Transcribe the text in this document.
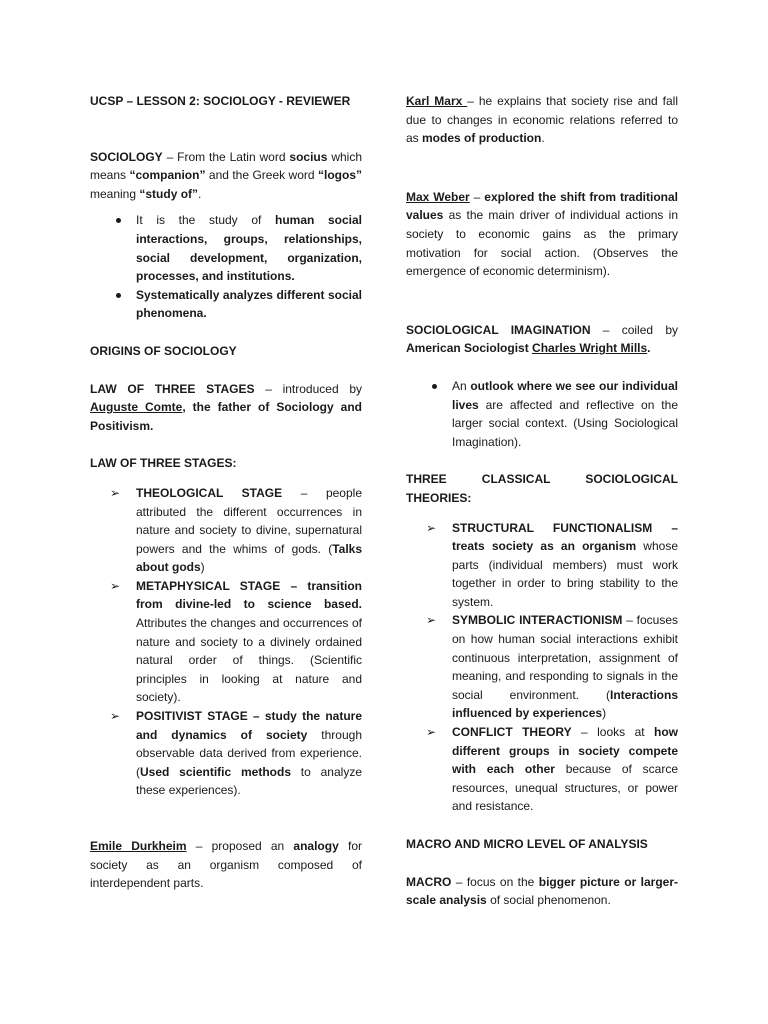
UCSP – LESSON 2: SOCIOLOGY - REVIEWER

SOCIOLOGY – From the Latin word socius which means “companion” and the Greek word “logos” meaning “study of”.

It is the study of human social interactions, groups, relationships, social development, organization, processes, and institutions.
Systematically analyzes different social phenomena.

ORIGINS OF SOCIOLOGY

LAW OF THREE STAGES – introduced by Auguste Comte, the father of Sociology and Positivism.

LAW OF THREE STAGES:

THEOLOGICAL STAGE – people attributed the different occurrences in nature and society to divine, supernatural powers and the whims of gods. (Talks about gods)
METAPHYSICAL STAGE – transition from divine-led to science based. Attributes the changes and occurrences of nature and society to a divinely ordained natural order of things. (Scientific principles in looking at nature and society).
POSITIVIST STAGE – study the nature and dynamics of society through observable data derived from experience. (Used scientific methods to analyze these experiences).

Emile Durkheim – proposed an analogy for society as an organism composed of interdependent parts.

Karl Marx – he explains that society rise and fall due to changes in economic relations referred to as modes of production.

Max Weber – explored the shift from traditional values as the main driver of individual actions in society to economic gains as the primary motivation for social action. (Observes the emergence of economic determinism).

SOCIOLOGICAL IMAGINATION – coiled by American Sociologist Charles Wright Mills.

An outlook where we see our individual lives are affected and reflective on the larger social context. (Using Sociological Imagination).

THREE CLASSICAL SOCIOLOGICAL THEORIES:

STRUCTURAL FUNCTIONALISM – treats society as an organism whose parts (individual members) must work together in order to bring stability to the system.
SYMBOLIC INTERACTIONISM – focuses on how human social interactions exhibit continuous interpretation, assignment of meaning, and responding to signals in the social environment. (Interactions influenced by experiences)
CONFLICT THEORY – looks at how different groups in society compete with each other because of scarce resources, unequal structures, or power and resistance.

MACRO AND MICRO LEVEL OF ANALYSIS

MACRO – focus on the bigger picture or larger-scale analysis of social phenomenon.
